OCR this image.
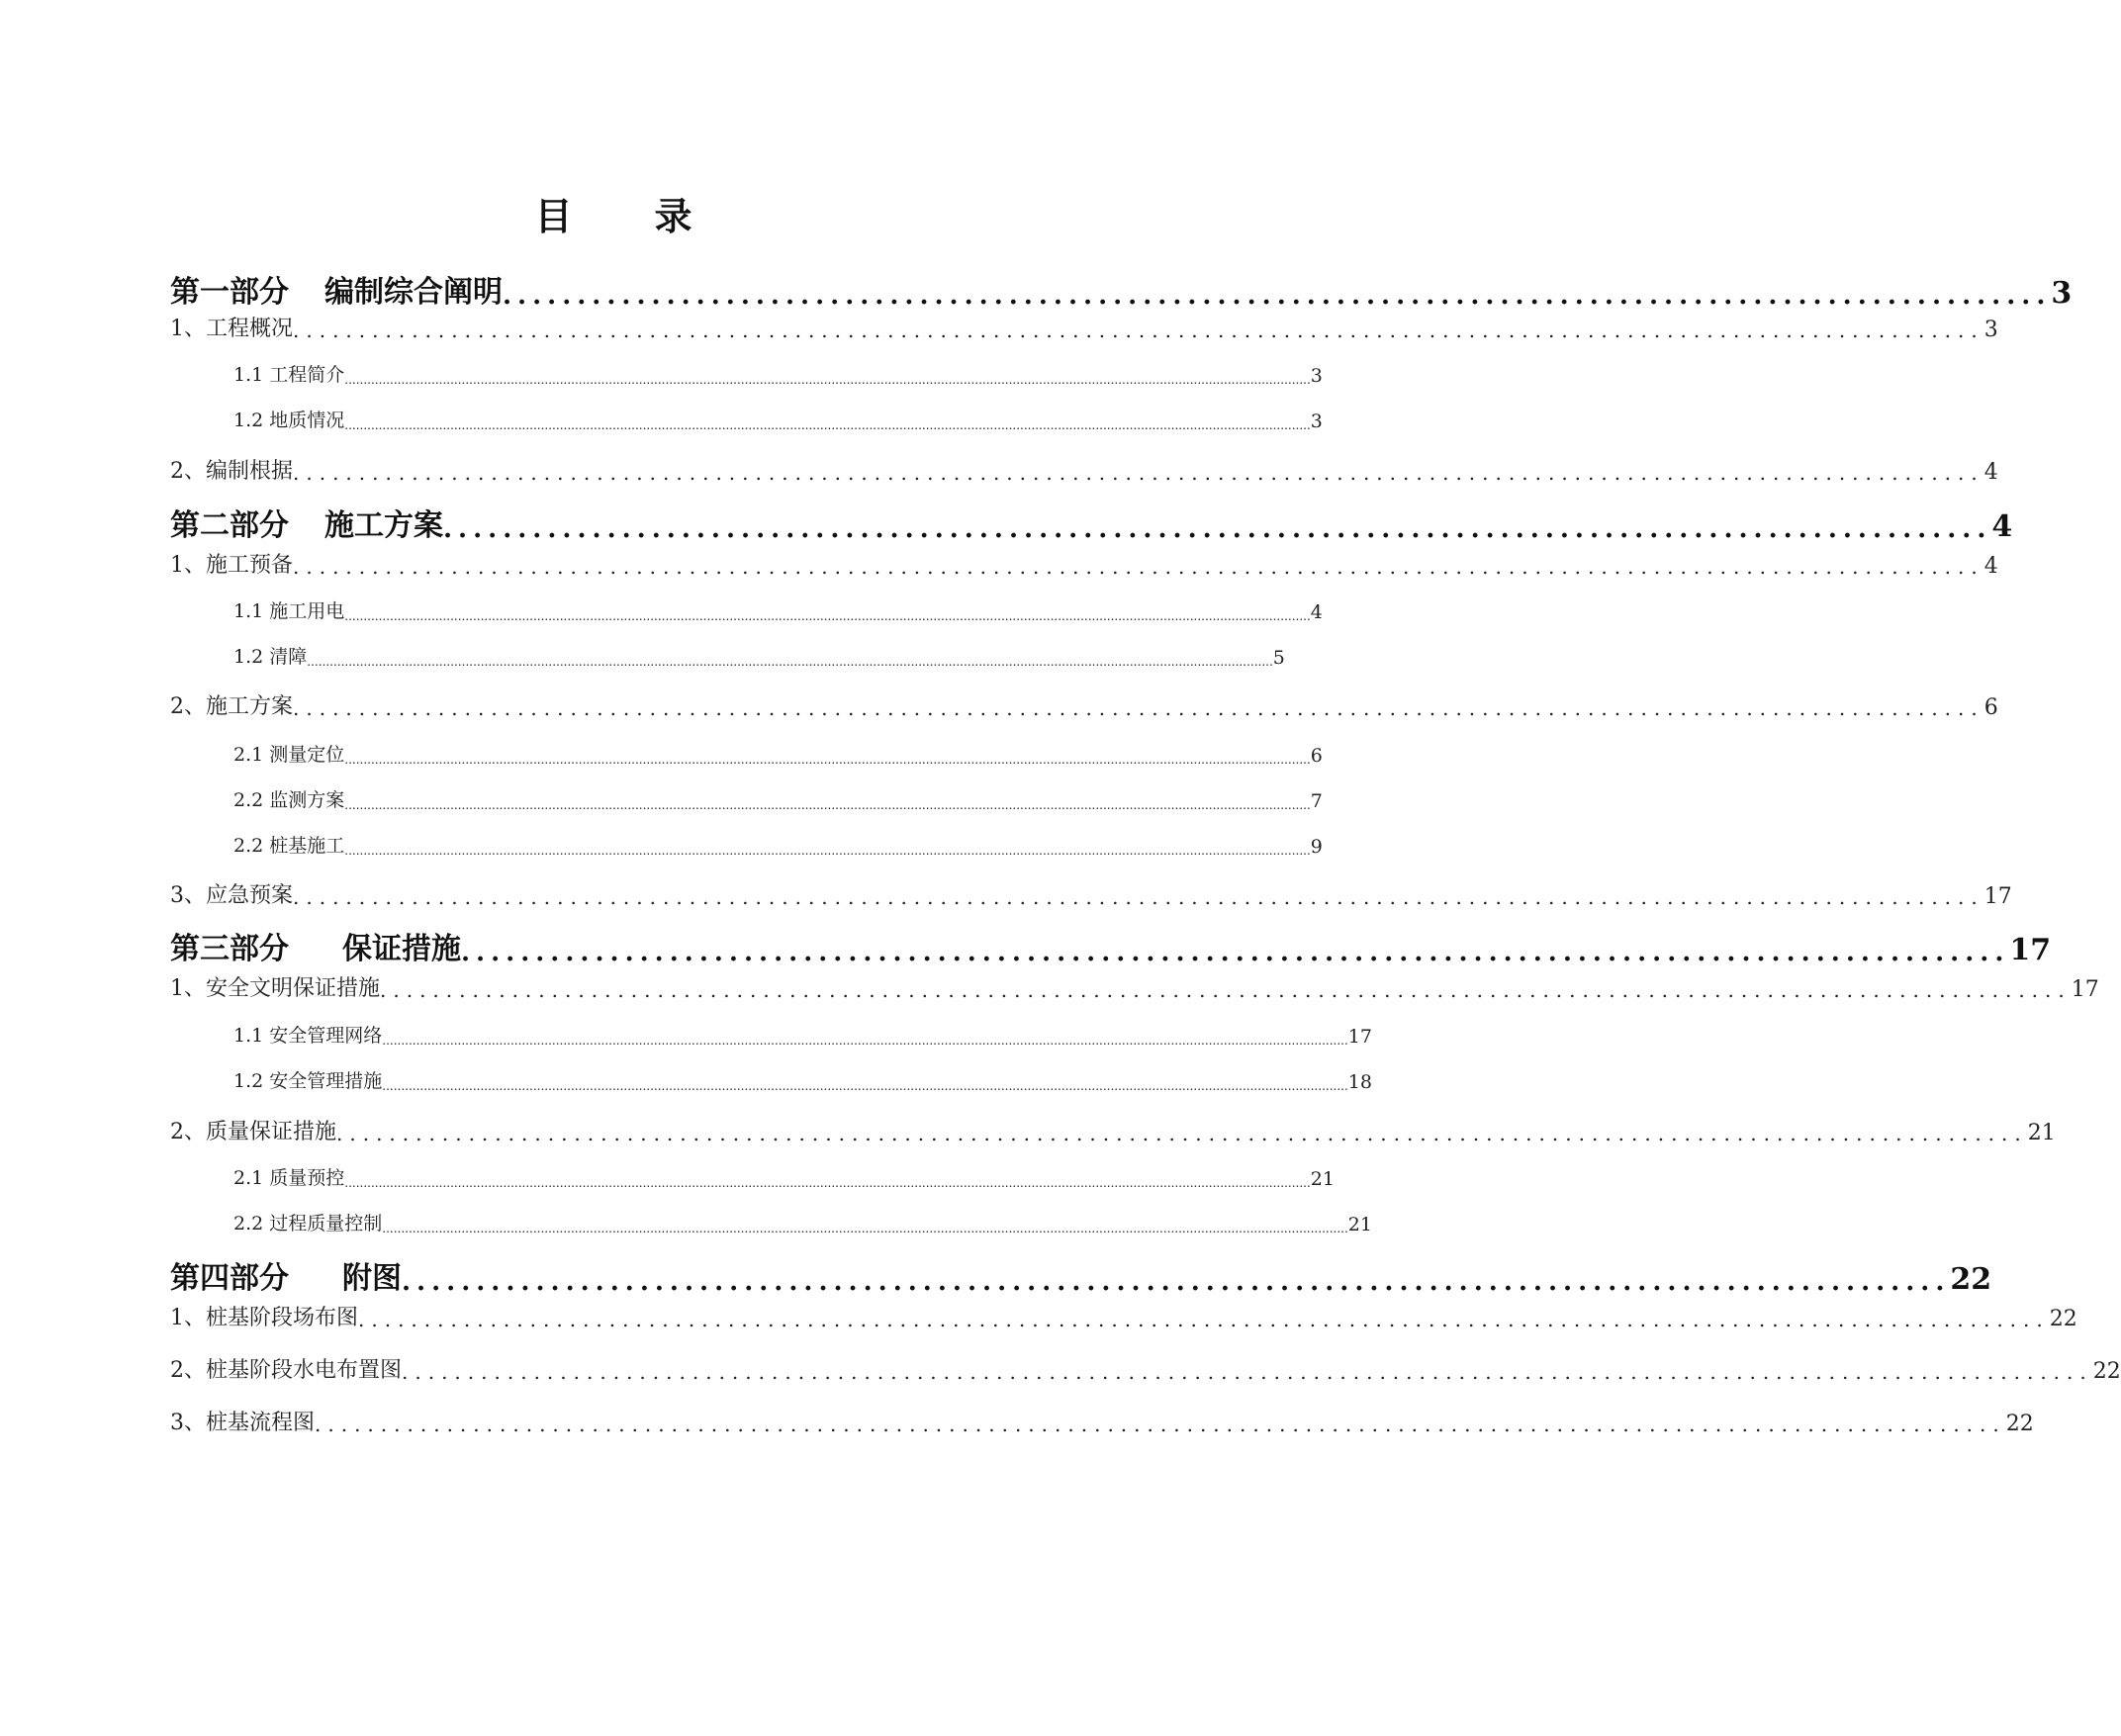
目 录
第一部分 编制综合阐明 ........................................................................................................ 3
1、工程概况 ................................................................................................................................ 3
1.1 工程简介 ................................................................................................................................................................................................................................................................ 3
1.2 地质情况 ................................................................................................................................................................................................................................................................ 3
2、编制根据 ................................................................................................................................ 4
第二部分 施工方案 ........................................................................................................ 4
1、施工预备 ................................................................................................................................ 4
1.1 施工用电 ................................................................................................................................................................................................................................................................ 4
1.2 清障 ................................................................................................................................................................................................................................................................ 5
2、施工方案 ................................................................................................................................ 6
2.1 测量定位 ................................................................................................................................................................................................................................................................ 6
2.2 监测方案 ................................................................................................................................................................................................................................................................ 7
2.2 桩基施工 ................................................................................................................................................................................................................................................................ 9
3、应急预案 ................................................................................................................................ 17
第三部分 保证措施 ........................................................................................................ 17
1、安全文明保证措施 ................................................................................................................................ 17
1.1 安全管理网络 ................................................................................................................................................................................................................................................................ 17
1.2 安全管理措施 ................................................................................................................................................................................................................................................................ 18
2、质量保证措施 ................................................................................................................................ 21
2.1 质量预控 ................................................................................................................................................................................................................................................................ 21
2.2 过程质量控制 ................................................................................................................................................................................................................................................................ 21
第四部分 附图 ........................................................................................................ 22
1、桩基阶段场布图 ................................................................................................................................ 22
2、桩基阶段水电布置图 ................................................................................................................................ 22
3、桩基流程图 ................................................................................................................................ 22
